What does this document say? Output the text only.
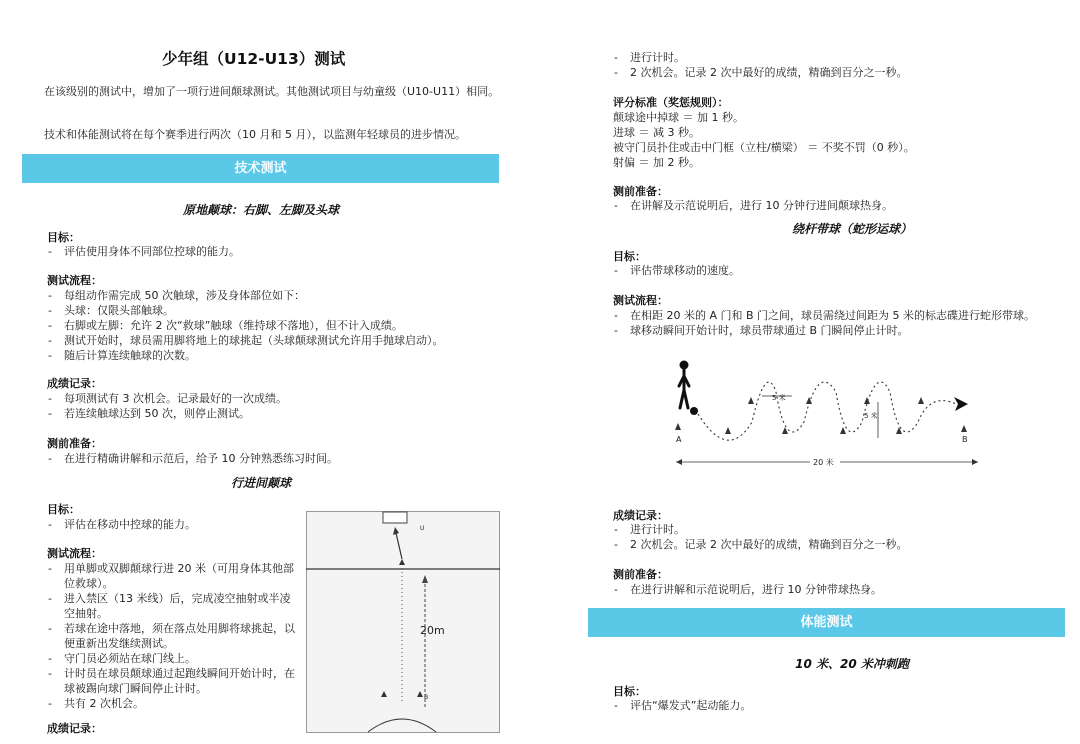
少年组（U12-U13）测试
在该级别的测试中，增加了一项行进间颠球测试。其他测试项目与幼童级（U10-U11）相同。
技术和体能测试将在每个赛季进行两次（10 月和 5 月），以监测年轻球员的进步情况。
技术测试
原地颠球：右脚、左脚及头球
目标：
- 评估使用身体不同部位控球的能力。
测试流程：
- 每组动作需完成 50 次触球，涉及身体部位如下：
- 头球：仅限头部触球。
- 右脚或左脚：允许 2 次“救球”触球（维持球不落地），但不计入成绩。
- 测试开始时，球员需用脚将地上的球挑起（头球颠球测试允许用手抛球启动）。
- 随后计算连续触球的次数。
成绩记录：
- 每项测试有 3 次机会。记录最好的一次成绩。
- 若连续触球达到 50 次，则停止测试。
测前准备：
- 在进行精确讲解和示范后，给予 10 分钟熟悉练习时间。
行进间颠球
目标：
- 评估在移动中控球的能力。
测试流程：
- 用单脚或双脚颠球行进 20 米（可用身体其他部位救球）。
- 进入禁区（13 米线）后，完成凌空抽射或半凌空抽射。
- 若球在途中落地，须在落点处用脚将球挑起，以便重新出发继续测试。
- 守门员必须站在球门线上。
- 计时员在球员颠球通过起跑线瞬间开始计时，在球被踢向球门瞬间停止计时。
- 共有 2 次机会。
成绩记录：
20m
U
B
- 进行计时。
- 2 次机会。记录 2 次中最好的成绩，精确到百分之一秒。
评分标准（奖惩规则）：
颠球途中掉球 ＝ 加 1 秒。
进球 ＝ 减 3 秒。
被守门员扑住或击中门框（立柱/横梁） ＝ 不奖不罚（0 秒）。
射偏 ＝ 加 2 秒。
测前准备：
- 在讲解及示范说明后，进行 10 分钟行进间颠球热身。
绕杆带球（蛇形运球）
目标：
- 评估带球移动的速度。
测试流程：
- 在相距 20 米的 A 门和 B 门之间，球员需绕过间距为 5 米的标志碟进行蛇形带球。
- 球移动瞬间开始计时，球员带球通过 B 门瞬间停止计时。
5 米
5 米
A	B
20 米
成绩记录：
- 进行计时。
- 2 次机会。记录 2 次中最好的成绩，精确到百分之一秒。
测前准备：
- 在进行讲解和示范说明后，进行 10 分钟带球热身。
体能测试
10 米、20 米冲刺跑
目标：
- 评估“爆发式”起动能力。
